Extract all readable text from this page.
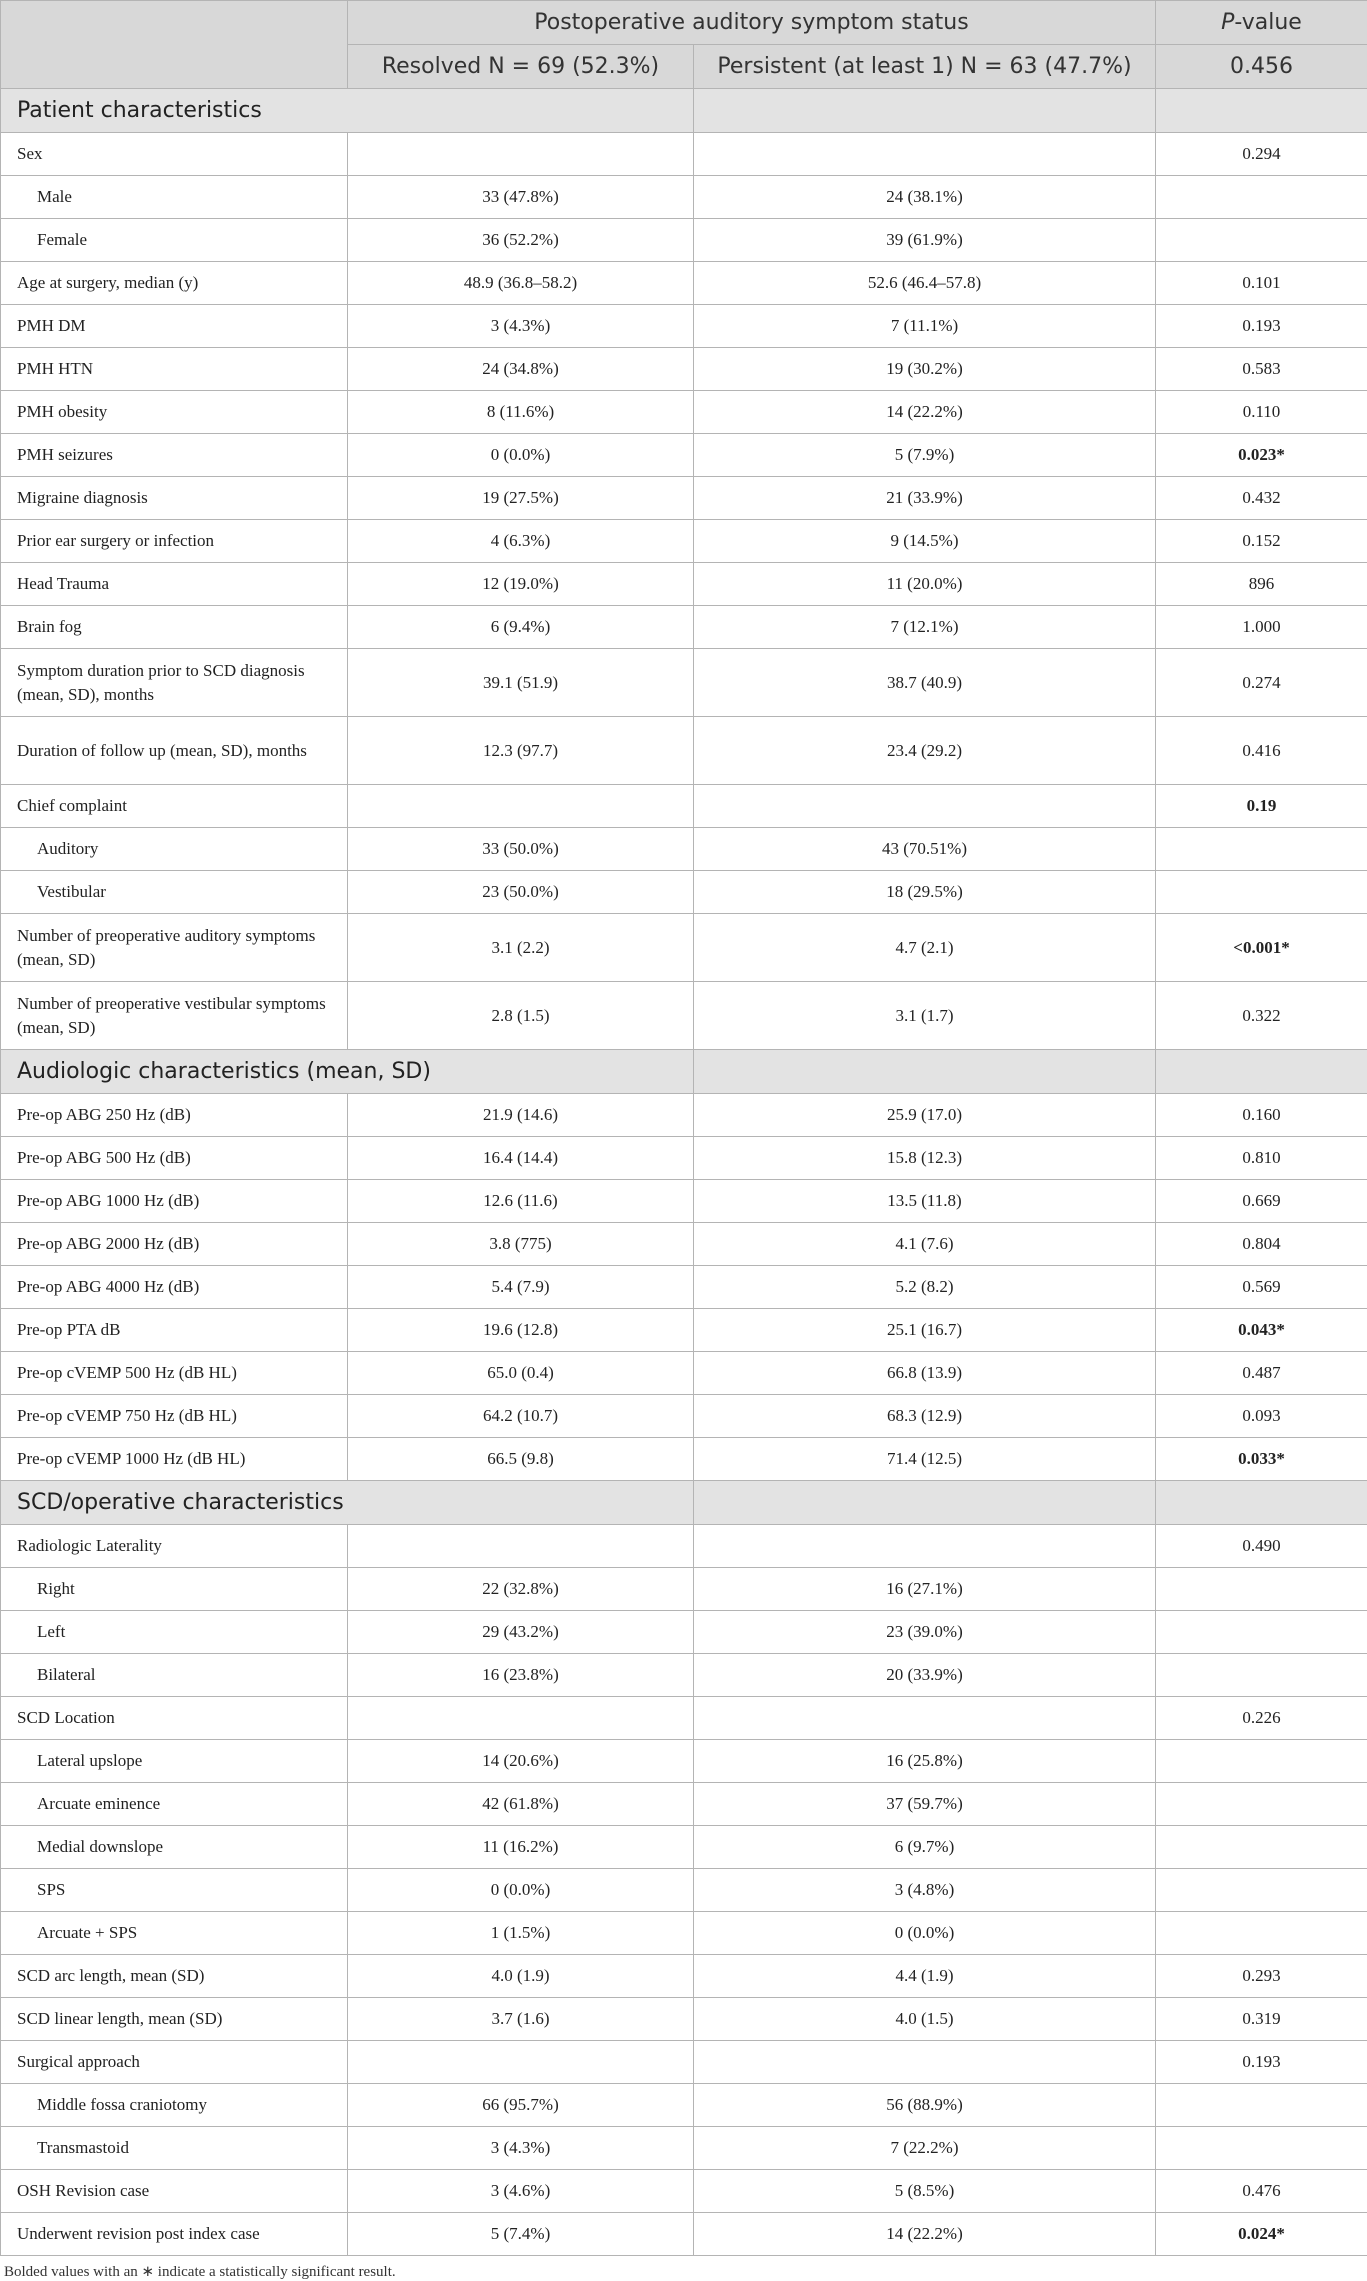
	Postoperative auditory symptom status		P-value
	Resolved N = 69 (52.3%)	Persistent (at least 1) N = 63 (47.7%)	0.456
Patient characteristics			
Sex			0.294
Male	33 (47.8%)	24 (38.1%)	
Female	36 (52.2%)	39 (61.9%)	
Age at surgery, median (y)	48.9 (36.8–58.2)	52.6 (46.4–57.8)	0.101
PMH DM	3 (4.3%)	7 (11.1%)	0.193
PMH HTN	24 (34.8%)	19 (30.2%)	0.583
PMH obesity	8 (11.6%)	14 (22.2%)	0.110
PMH seizures	0 (0.0%)	5 (7.9%)	0.023*
Migraine diagnosis	19 (27.5%)	21 (33.9%)	0.432
Prior ear surgery or infection	4 (6.3%)	9 (14.5%)	0.152
Head Trauma	12 (19.0%)	11 (20.0%)	896
Brain fog	6 (9.4%)	7 (12.1%)	1.000
Symptom duration prior to SCD diagnosis (mean, SD), months	39.1 (51.9)	38.7 (40.9)	0.274
Duration of follow up (mean, SD), months	12.3 (97.7)	23.4 (29.2)	0.416
Chief complaint			0.19
Auditory	33 (50.0%)	43 (70.51%)	
Vestibular	23 (50.0%)	18 (29.5%)	
Number of preoperative auditory symptoms (mean, SD)	3.1 (2.2)	4.7 (2.1)	<0.001*
Number of preoperative vestibular symptoms (mean, SD)	2.8 (1.5)	3.1 (1.7)	0.322
Audiologic characteristics (mean, SD)			
Pre-op ABG 250 Hz (dB)	21.9 (14.6)	25.9 (17.0)	0.160
Pre-op ABG 500 Hz (dB)	16.4 (14.4)	15.8 (12.3)	0.810
Pre-op ABG 1000 Hz (dB)	12.6 (11.6)	13.5 (11.8)	0.669
Pre-op ABG 2000 Hz (dB)	3.8 (775)	4.1 (7.6)	0.804
Pre-op ABG 4000 Hz (dB)	5.4 (7.9)	5.2 (8.2)	0.569
Pre-op PTA dB	19.6 (12.8)	25.1 (16.7)	0.043*
Pre-op cVEMP 500 Hz (dB HL)	65.0 (0.4)	66.8 (13.9)	0.487
Pre-op cVEMP 750 Hz (dB HL)	64.2 (10.7)	68.3 (12.9)	0.093
Pre-op cVEMP 1000 Hz (dB HL)	66.5 (9.8)	71.4 (12.5)	0.033*
SCD/operative characteristics			
Radiologic Laterality			0.490
Right	22 (32.8%)	16 (27.1%)	
Left	29 (43.2%)	23 (39.0%)	
Bilateral	16 (23.8%)	20 (33.9%)	
SCD Location			0.226
Lateral upslope	14 (20.6%)	16 (25.8%)	
Arcuate eminence	42 (61.8%)	37 (59.7%)	
Medial downslope	11 (16.2%)	6 (9.7%)	
SPS	0 (0.0%)	3 (4.8%)	
Arcuate + SPS	1 (1.5%)	0 (0.0%)	
SCD arc length, mean (SD)	4.0 (1.9)	4.4 (1.9)	0.293
SCD linear length, mean (SD)	3.7 (1.6)	4.0 (1.5)	0.319
Surgical approach			0.193
Middle fossa craniotomy	66 (95.7%)	56 (88.9%)	
Transmastoid	3 (4.3%)	7 (22.2%)	
OSH Revision case	3 (4.6%)	5 (8.5%)	0.476
Underwent revision post index case	5 (7.4%)	14 (22.2%)	0.024*
Bolded values with an ∗ indicate a statistically significant result.
